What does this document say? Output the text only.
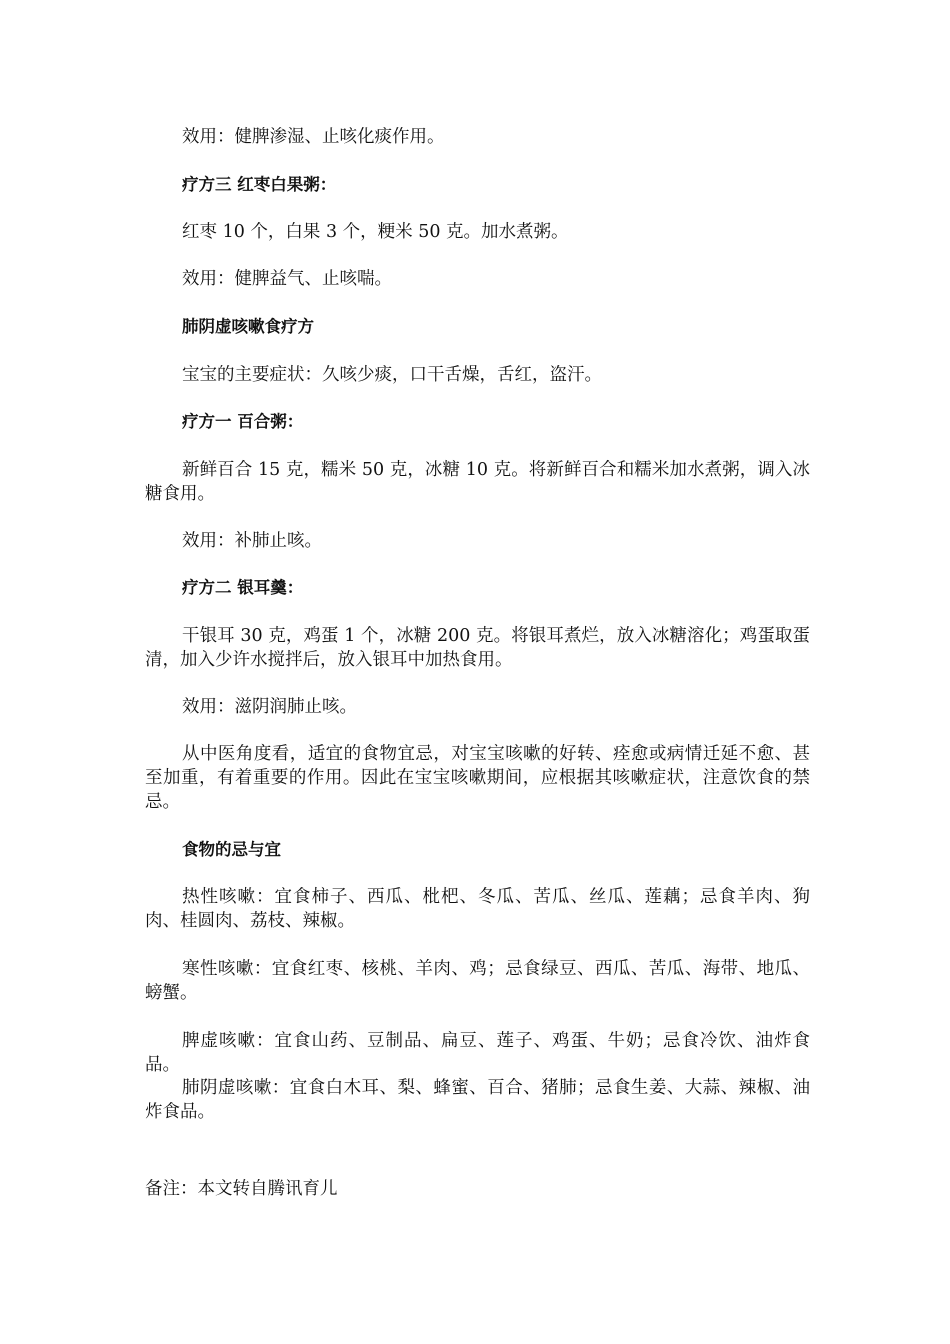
效用：健脾渗湿、止咳化痰作用。

疗方三 红枣白果粥：

红枣 10 个，白果 3 个，粳米 50 克。加水煮粥。

效用：健脾益气、止咳喘。

肺阴虚咳嗽食疗方

宝宝的主要症状：久咳少痰，口干舌燥，舌红，盗汗。

疗方一 百合粥：

新鲜百合 15 克，糯米 50 克，冰糖 10 克。将新鲜百合和糯米加水煮粥，调入冰糖食用。

效用：补肺止咳。

疗方二 银耳羹：

干银耳 30 克，鸡蛋 1 个，冰糖 200 克。将银耳煮烂，放入冰糖溶化；鸡蛋取蛋清，加入少许水搅拌后，放入银耳中加热食用。

效用：滋阴润肺止咳。

从中医角度看，适宜的食物宜忌，对宝宝咳嗽的好转、痊愈或病情迁延不愈、甚至加重，有着重要的作用。因此在宝宝咳嗽期间，应根据其咳嗽症状，注意饮食的禁忌。

食物的忌与宜

热性咳嗽：宜食柿子、西瓜、枇杷、冬瓜、苦瓜、丝瓜、莲藕；忌食羊肉、狗肉、桂圆肉、荔枝、辣椒。

寒性咳嗽：宜食红枣、核桃、羊肉、鸡；忌食绿豆、西瓜、苦瓜、海带、地瓜、螃蟹。

脾虚咳嗽：宜食山药、豆制品、扁豆、莲子、鸡蛋、牛奶；忌食冷饮、油炸食品。

肺阴虚咳嗽：宜食白木耳、梨、蜂蜜、百合、猪肺；忌食生姜、大蒜、辣椒、油炸食品。

备注：本文转自腾讯育儿
